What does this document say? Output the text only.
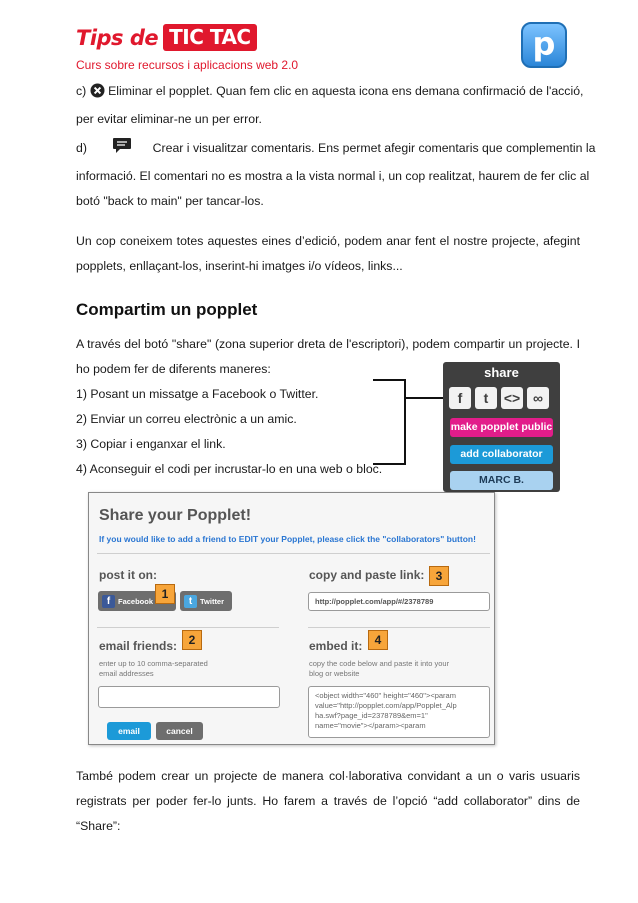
Tips de TIC TAC
Curs sobre recursos i aplicacions web 2.0
p
c) Eliminar el popplet. Quan fem clic en aquesta icona ens demana confirmació de l'acció,
per evitar eliminar-ne un per error.
d)	Crear i visualitzar comentaris. Ens permet afegir comentaris que complementin la
informació. El comentari no es mostra a la vista normal i, un cop realitzat, haurem de fer clic al
botó "back to main" per tancar-los.
Un cop coneixem totes aquestes eines d’edició, podem anar fent el nostre projecte, afegint
popplets, enllaçant-los, inserint-hi imatges i/o vídeos, links...
Compartim un popplet
A través del botó "share" (zona superior dreta de l'escriptori), podem compartir un projecte. I
ho podem fer de diferents maneres:
1) Posant un missatge a Facebook o Twitter.
2) Enviar un correu electrònic a un amic.
3) Copiar i enganxar el link.
4) Aconseguir el codi per incrustar-lo en una web o bloc.
share
f	t	<> ∞
make popplet public
add collaborator
MARC B.
Share your Popplet!
If you would like to add a friend to EDIT your Popplet, please click the "collaborators" button!
post it on:
f	Facebook	t	Twitter
copy and paste link:
http://popplet.com/app/#/2378789
email friends:
enter up to 10 comma-separated
email addresses
email	cancel
embed it:
copy the code below and paste it into your
blog or website
<object width="460" height="460"><param
value="http://popplet.com/app/Popplet_Alp
ha.swf?page_id=2378789&em=1"
name="movie"></param><param
1
2
3
4
També podem crear un projecte de manera col·laborativa convidant a un o varis usuaris
registrats per poder fer-lo junts. Ho farem a través de l’opció “add collaborator” dins de
“Share”:
